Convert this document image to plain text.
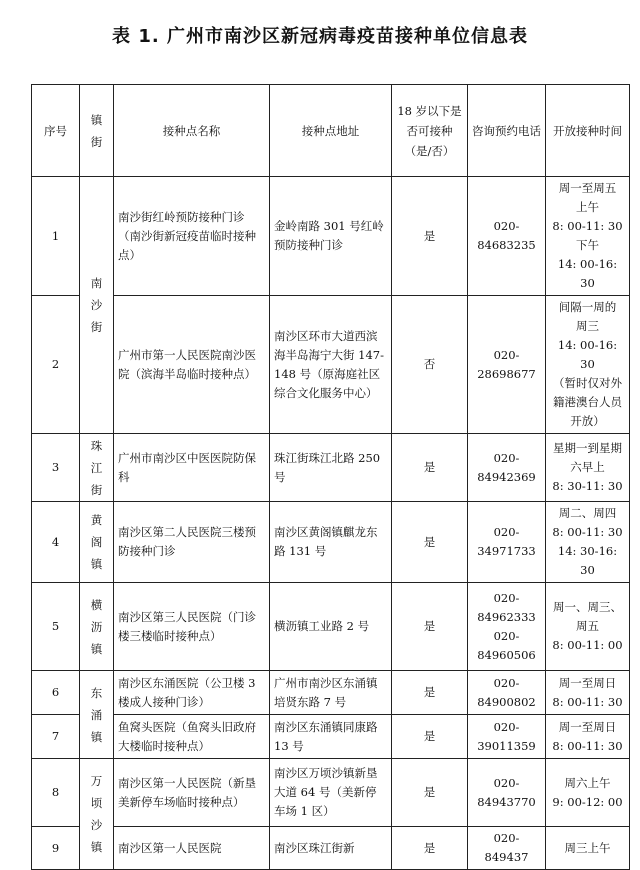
表 1. 广州市南沙区新冠病毒疫苗接种单位信息表
序号	镇街	接种点名称	接种点地址	18 岁以下是否可接种（是/否）	咨询预约电话	开放接种时间
1	南沙街	南沙街红岭预防接种门诊（南沙街新冠疫苗临时接种点）	金岭南路 301 号红岭预防接种门诊	是	020-84683235	周一至周五
上午
8: 00-11: 30
下午
14: 00-16: 30
2		广州市第一人民医院南沙医院（滨海半岛临时接种点）	南沙区环市大道西滨海半岛海宁大街 147-148 号（原海庭社区综合文化服务中心）	否	020-28698677	间隔一周的
周三
14: 00-16: 30
（暂时仅对外籍港澳台人员开放）
3	珠江街	广州市南沙区中医医院防保科	珠江街珠江北路 250 号	是	020-84942369	星期一到星期六早上
8: 30-11: 30
4	黄阁镇	南沙区第二人民医院三楼预防接种门诊	南沙区黄阁镇麒龙东路 131 号	是	020-34971733	周二、周四
8: 00-11: 30
14: 30-16: 30
5	横沥镇	南沙区第三人民医院（门诊楼三楼临时接种点）	横沥镇工业路 2 号	是	020-84962333
020-84960506	周一、周三、周五
8: 00-11: 00
6	东涌镇	南沙区东涌医院（公卫楼 3 楼成人接种门诊）	广州市南沙区东涌镇培贤东路 7 号	是	020-84900802	周一至周日
8: 00-11: 30
7		鱼窝头医院（鱼窝头旧政府大楼临时接种点）	南沙区东涌镇同康路 13 号	是	020-39011359	周一至周日
8: 00-11: 30
8	万顷沙镇	南沙区第一人民医院（新垦美新停车场临时接种点）	南沙区万顷沙镇新垦大道 64 号（美新停车场 1 区）	是	020-84943770	周六上午
9: 00-12: 00
9		南沙区第一人民医院	南沙区珠江街新	是	020-849437	周三上午
